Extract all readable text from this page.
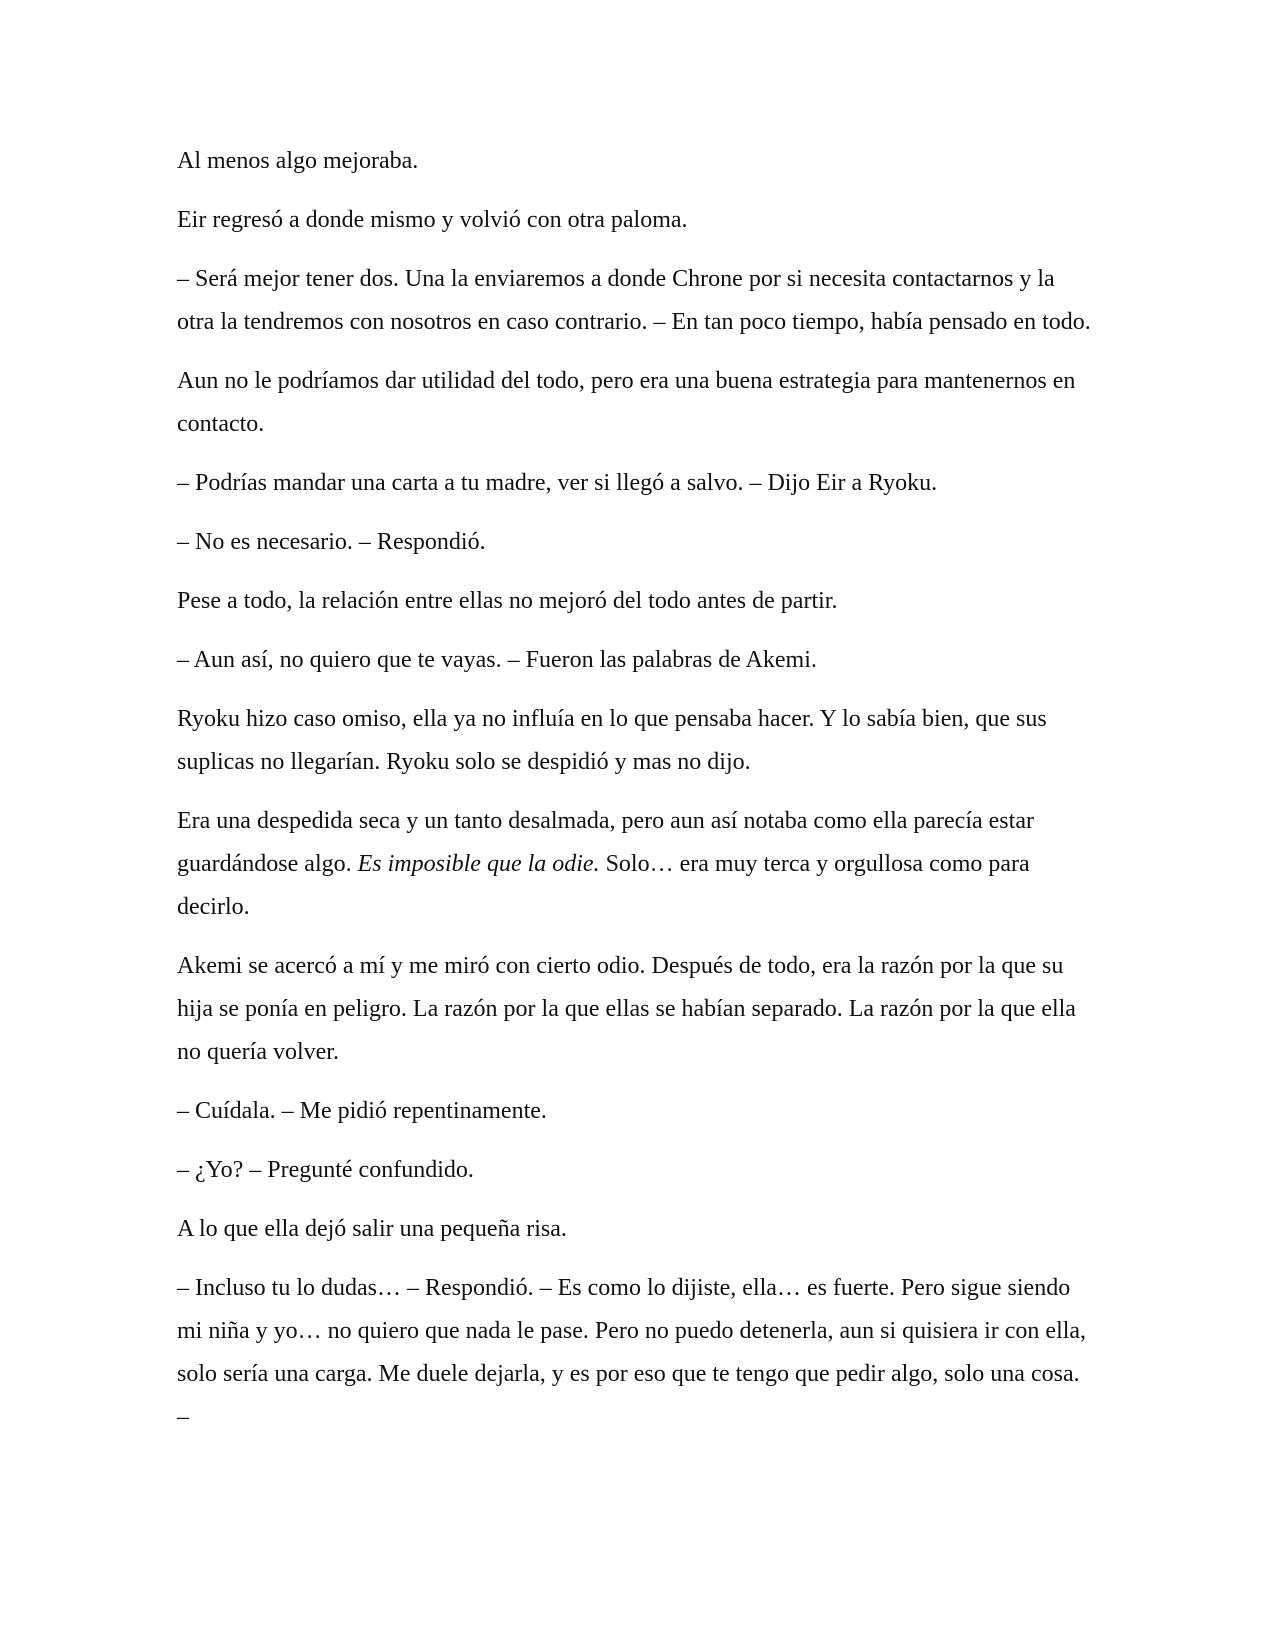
Al menos algo mejoraba.

Eir regresó a donde mismo y volvió con otra paloma.

– Será mejor tener dos. Una la enviaremos a donde Chrone por si necesita contactarnos y la otra la tendremos con nosotros en caso contrario. – En tan poco tiempo, había pensado en todo.

Aun no le podríamos dar utilidad del todo, pero era una buena estrategia para mantenernos en contacto.

– Podrías mandar una carta a tu madre, ver si llegó a salvo. – Dijo Eir a Ryoku.

– No es necesario. – Respondió.

Pese a todo, la relación entre ellas no mejoró del todo antes de partir.

– Aun así, no quiero que te vayas. – Fueron las palabras de Akemi.

Ryoku hizo caso omiso, ella ya no influía en lo que pensaba hacer. Y lo sabía bien, que sus suplicas no llegarían. Ryoku solo se despidió y mas no dijo.

Era una despedida seca y un tanto desalmada, pero aun así notaba como ella parecía estar guardándose algo. Es imposible que la odie. Solo… era muy terca y orgullosa como para decirlo.

Akemi se acercó a mí y me miró con cierto odio. Después de todo, era la razón por la que su hija se ponía en peligro. La razón por la que ellas se habían separado. La razón por la que ella no quería volver.

– Cuídala. – Me pidió repentinamente.

– ¿Yo? – Pregunté confundido.

A lo que ella dejó salir una pequeña risa.

– Incluso tu lo dudas… – Respondió. – Es como lo dijiste, ella… es fuerte. Pero sigue siendo mi niña y yo… no quiero que nada le pase. Pero no puedo detenerla, aun si quisiera ir con ella, solo sería una carga. Me duele dejarla, y es por eso que te tengo que pedir algo, solo una cosa. –
